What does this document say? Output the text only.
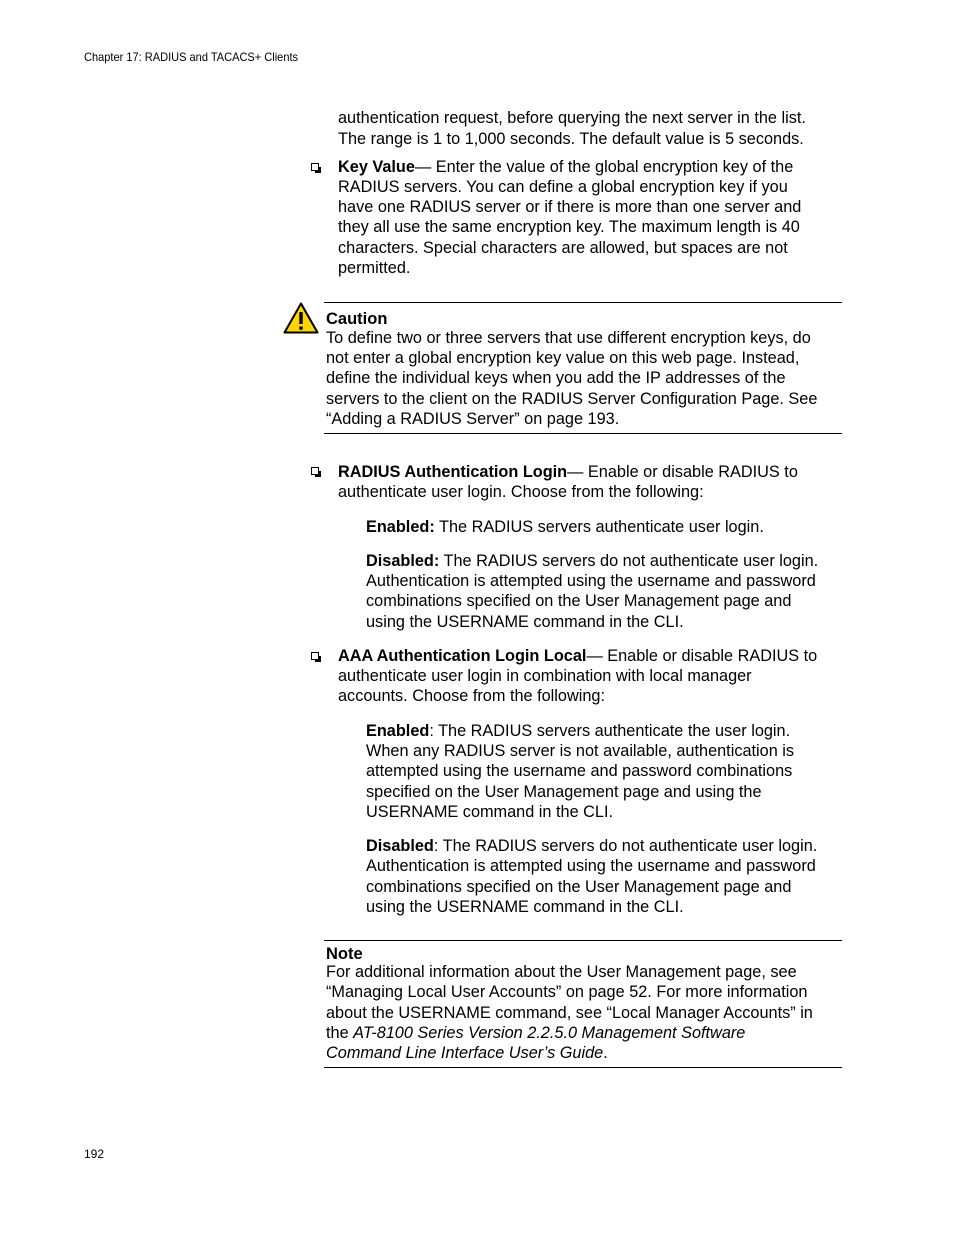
Chapter 17: RADIUS and TACACS+ Clients
authentication request, before querying the next server in the list.
The range is 1 to 1,000 seconds. The default value is 5 seconds.
Key Value— Enter the value of the global encryption key of the
RADIUS servers. You can define a global encryption key if you
have one RADIUS server or if there is more than one server and
they all use the same encryption key. The maximum length is 40
characters. Special characters are allowed, but spaces are not
permitted.
Caution
To define two or three servers that use different encryption keys, do
not enter a global encryption key value on this web page. Instead,
define the individual keys when you add the IP addresses of the
servers to the client on the RADIUS Server Configuration Page. See
“Adding a RADIUS Server” on page 193.
RADIUS Authentication Login— Enable or disable RADIUS to
authenticate user login. Choose from the following:
Enabled: The RADIUS servers authenticate user login.
Disabled: The RADIUS servers do not authenticate user login.
Authentication is attempted using the username and password
combinations specified on the User Management page and
using the USERNAME command in the CLI.
AAA Authentication Login Local— Enable or disable RADIUS to
authenticate user login in combination with local manager
accounts. Choose from the following:
Enabled: The RADIUS servers authenticate the user login.
When any RADIUS server is not available, authentication is
attempted using the username and password combinations
specified on the User Management page and using the
USERNAME command in the CLI.
Disabled: The RADIUS servers do not authenticate user login.
Authentication is attempted using the username and password
combinations specified on the User Management page and
using the USERNAME command in the CLI.
Note
For additional information about the User Management page, see
“Managing Local User Accounts” on page 52. For more information
about the USERNAME command, see “Local Manager Accounts” in
the AT-8100 Series Version 2.2.5.0 Management Software
Command Line Interface User’s Guide.
192
